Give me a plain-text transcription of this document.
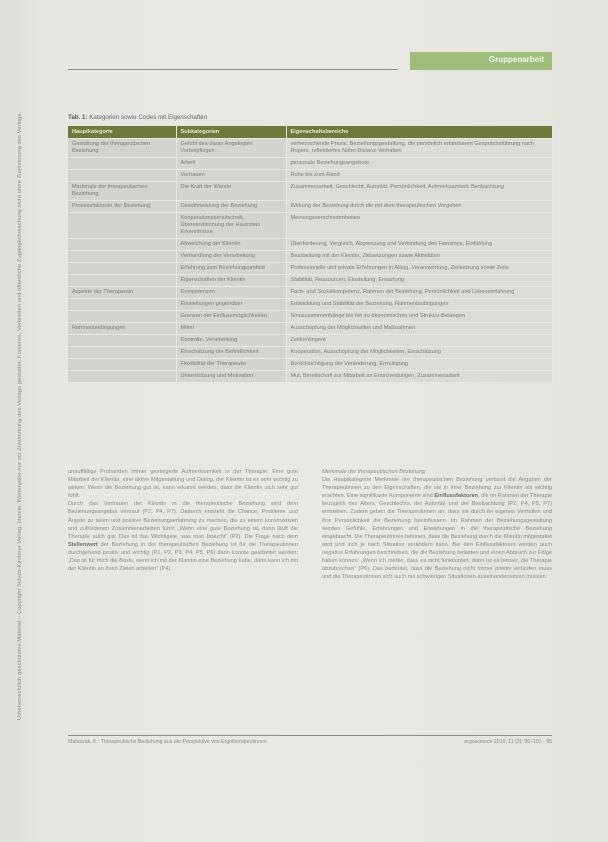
Urheberrechtlich geschütztes Material – Copyright Schulz-Kirchner Verlag, Idstein. Weitergabe nur mit Zustimmung des Verlags gestattet. Kopieren, Verbreiten und öffentliche Zugänglichmachung nicht ohne Zustimmung des Verlags.
Gruppenarbeit
Tab. 1: Kategorien sowie Codes mit Eigenschaften
Hauptkategorie	Subkategorien	Eigenschaftsbereiche
Gestaltung der therapeutischen Beziehung	Gefühl des daran Angelegtes Vorbeipflegen	vorherrschende Praxis, Beziehungsgestaltung, die persönlich erfahrbaren Gesprächsführung nach Rogers, reflektiertes Nähe-Distanz-Verhalten
	Arbeit	personale Beziehungsangebote
	Vertrauen	Ruhe bis zum Rand
Merkmale der therapeutischen Beziehung	Die Kraft der Wände	Zusammenarbeit, Geschlecht, Autorität, Persönlichkeit, Aufmerksamkeit, Beobachtung
Prozessfaktoren der Beziehung	Gewährleistung der Beziehung	Wirkung der Beziehung durch die mit dem therapeutischen Vorgehen
	Kooperationsbereitschaft, Übereinstimmung der Hausstein Erkenntnisse	Meinungsverschiedenheiten
	Abweichung der Klientin	Überforderung, Vergleich, Abgrenzung und Verbindung des Feinsinns, Einfühlung
	Verhandlung der Verarbeitung	Bearbeitung mit der Klientin, Zielsetzungen sowie Aktivitäten
	Erfahrung zum Beziehungsumfeld	Professionelle und private Erfahrungen in Alltag, Verantwortung, Zielsetzung sowie Ziele
	Eigenschaften der Klientin	Stabilität, Ressourcen, Einstellung, Erwartung
Aspekte der Therapeutin	Kompetenzen	Fach- und Sozialkompetenz, Rahmen der Beziehung, Persönlichkeit und Lebenserfahrung
	Einstellungen gegenüber	Entwicklung und Stabilität der Beziehung, Rahmenbedingungen
	Grenzen der Einflussmöglichkeiten	Sinnzusammenhänge bis hin zu ökonomischen und Struktur-Belangen
Rahmenbedingungen	Mittel	Ausschöpfung der Möglichkeiten und Maßnahmen
	Kontrolle, Verarbeitung	Zeitkontingent
	Einschätzung der Befindlichkeit	Kooperation, Ausschöpfung der Möglichkeiten, Einschätzung
	Flexibilität der Therapeutin	Berücksichtigung der Veränderung, Ermutigung
	Unterstützung und Motivation	Mut, Bereitschaft zur Mitarbeit an Entscheidungen, Zusammenarbeit

unauffällige Probanden immer gesteigerte Aufmerksamkeit in der Therapie. Eine gute Mitarbeit der Klientin, eine aktive Mitgestaltung und Dialog, der Klientin ist es sehr wichtig zu wirken. Wenn die Beziehung gut ist, kann erkannt werden, dass die Klientin sich sehr gut fühlt.

Durch das Vertrauen der Klientin in die therapeutische Beziehung wird dem Beziehungsangebot vertraut (P2, P4, P7). Dadurch entsteht die Chance, Probleme und Ängste zu teilen und positive Beziehungserfahrung zu machen, die zu einem konstruktiven und zufriedenen Zusammenarbeiten führt: „Wenn eine gute Beziehung ist, dann läuft die Therapie auch gut. Das ist das Wichtigste, was man braucht“ (P2). Die Frage nach dem Stellenwert der Beziehung in der therapeutischen Beziehung ist für die Therapeutinnen durchgehend positiv und wichtig (P1, P2, P3, P4, P5, P6) dann konnte gearbeitet werden: „Das ist für mich die Basis, wenn ich mit der Klientin eine Beziehung habe, dann kann ich mit der Klientin an ihren Zielen arbeiten“ (P4).

Merkmale der therapeutischen Beziehung

Die Hauptkategorie Merkmale der therapeutischen Beziehung umfasst die Angaben der Therapeutinnen zu den Eigenschaften, die sie in ihrer Beziehung zur Klientin als wichtig erachten. Eine signifikante Komponente sind Einflussfaktoren, die im Rahmen der Therapie bezüglich des Alters, Geschlechts, der Autorität und der Beobachtung (P2, P4, P5, P7) entstehen. Zudem geben die Therapeutinnen an, dass sie durch ihr eigenes Verhalten und ihre Persönlichkeit die Beziehung beeinflussen. Im Rahmen der Beziehungsgestaltung werden Gefühle, Erfahrungen und Erwartungen in die therapeutische Beziehung eingebracht. Die Therapeutinnen betonen, dass die Beziehung durch die Klientin mitgestaltet wird und sich je nach Situation verändern kann. Bei den Einflussfaktoren werden auch negative Erfahrungen beschrieben, die die Beziehung belasten und einen Abbruch zur Folge haben können: „Wenn ich merke, dass es nicht funktioniert, dann ist es besser, die Therapie abzubrechen“ (P6). Das bedeutet, dass die Beziehung nicht immer positiv verlaufen muss und die Therapeutinnen sich auch mit schwierigen Situationen auseinandersetzen müssen.

Matuszak, K.: Therapeutische Beziehung aus der Perspektive von Ergotherapeutinnen	ergoscience 2016; 11 (3): 90–101 · 95
